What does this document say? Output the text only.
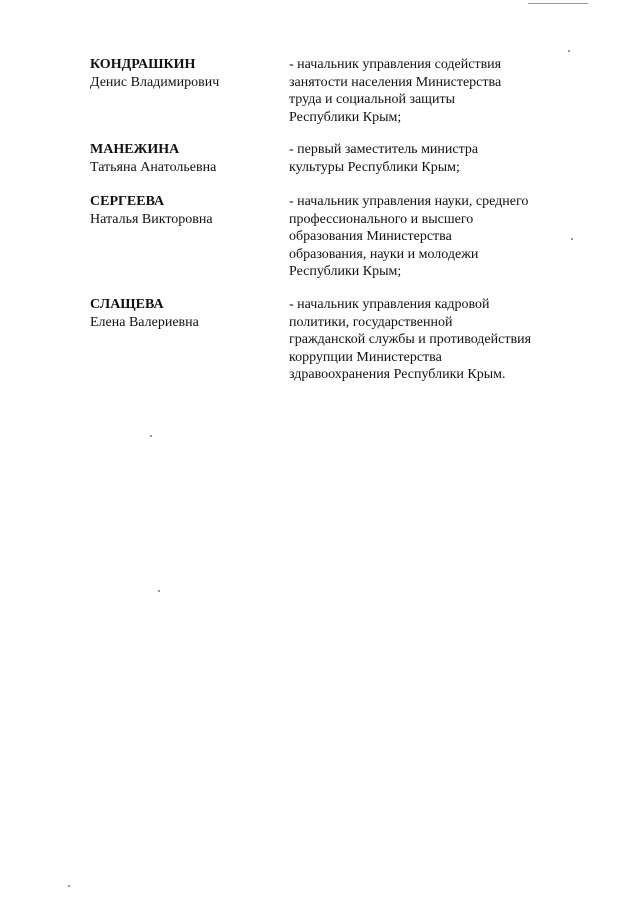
КОНДРАШКИН
Денис Владимирович
- начальник управления содействия
занятости населения Министерства
труда и социальной защиты
Республики Крым;
МАНЕЖИНА
Татьяна Анатольевна
- первый заместитель министра
культуры Республики Крым;
СЕРГЕЕВА
Наталья Викторовна
- начальник управления науки, среднего
профессионального и высшего
образования Министерства
образования, науки и молодежи
Республики Крым;
СЛАЩЕВА
Елена Валериевна
- начальник управления кадровой
политики, государственной
гражданской службы и противодействия
коррупции Министерства
здравоохранения Республики Крым.
